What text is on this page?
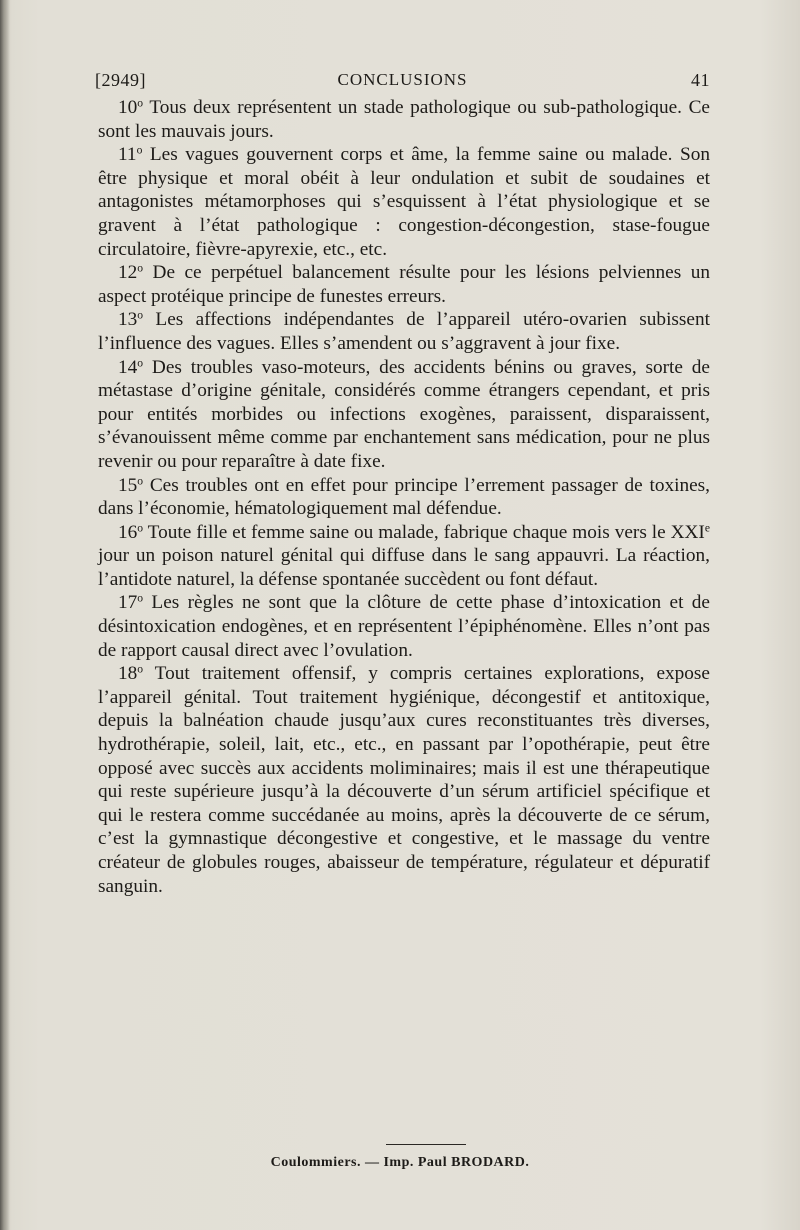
[2949]	CONCLUSIONS	41

10$^o$ Tous deux représentent un stade pathologique ou sub-pathologique. Ce sont les mauvais jours.

11$^o$ Les vagues gouvernent corps et âme, la femme saine ou malade. Son être physique et moral obéit à leur ondulation et subit de soudaines et antagonistes métamorphoses qui s’esquissent à l’état physiologique et se gravent à l’état pathologique : congestion-décongestion, stase-fougue circulatoire, fièvre-apyrexie, etc., etc.

12$^o$ De ce perpétuel balancement résulte pour les lésions pelviennes un aspect protéique principe de funestes erreurs.

13$^o$ Les affections indépendantes de l’appareil utéro-ovarien subissent l’influence des vagues. Elles s’amendent ou s’aggravent à jour fixe.

14$^o$ Des troubles vaso-moteurs, des accidents bénins ou graves, sorte de métastase d’origine génitale, considérés comme étrangers cependant, et pris pour entités morbides ou infections exogènes, paraissent, disparaissent, s’évanouissent même comme par enchantement sans médication, pour ne plus revenir ou pour reparaître à date fixe.

15$^o$ Ces troubles ont en effet pour principe l’errement passager de toxines, dans l’économie, hématologiquement mal défendue.

16$^o$ Toute fille et femme saine ou malade, fabrique chaque mois vers le XXIe jour un poison naturel génital qui diffuse dans le sang appauvri. La réaction, l’antidote naturel, la défense spontanée succèdent ou font défaut.

17$^o$ Les règles ne sont que la clôture de cette phase d’intoxication et de désintoxication endogènes, et en représentent l’épiphénomène. Elles n’ont pas de rapport causal direct avec l’ovulation.

18$^o$ Tout traitement offensif, y compris certaines explorations, expose l’appareil génital. Tout traitement hygiénique, décongestif et antitoxique, depuis la balnéation chaude jusqu’aux cures reconstituantes très diverses, hydrothérapie, soleil, lait, etc., etc., en passant par l’opothérapie, peut être opposé avec succès aux accidents moliminaires; mais il est une thérapeutique qui reste supérieure jusqu’à la découverte d’un sérum artificiel spécifique et qui le restera comme succédanée au moins, après la découverte de ce sérum, c’est la gymnastique décongestive et congestive, et le massage du ventre créateur de globules rouges, abaisseur de température, régulateur et dépuratif sanguin.

Coulommiers. — Imp. Paul BRODARD.
